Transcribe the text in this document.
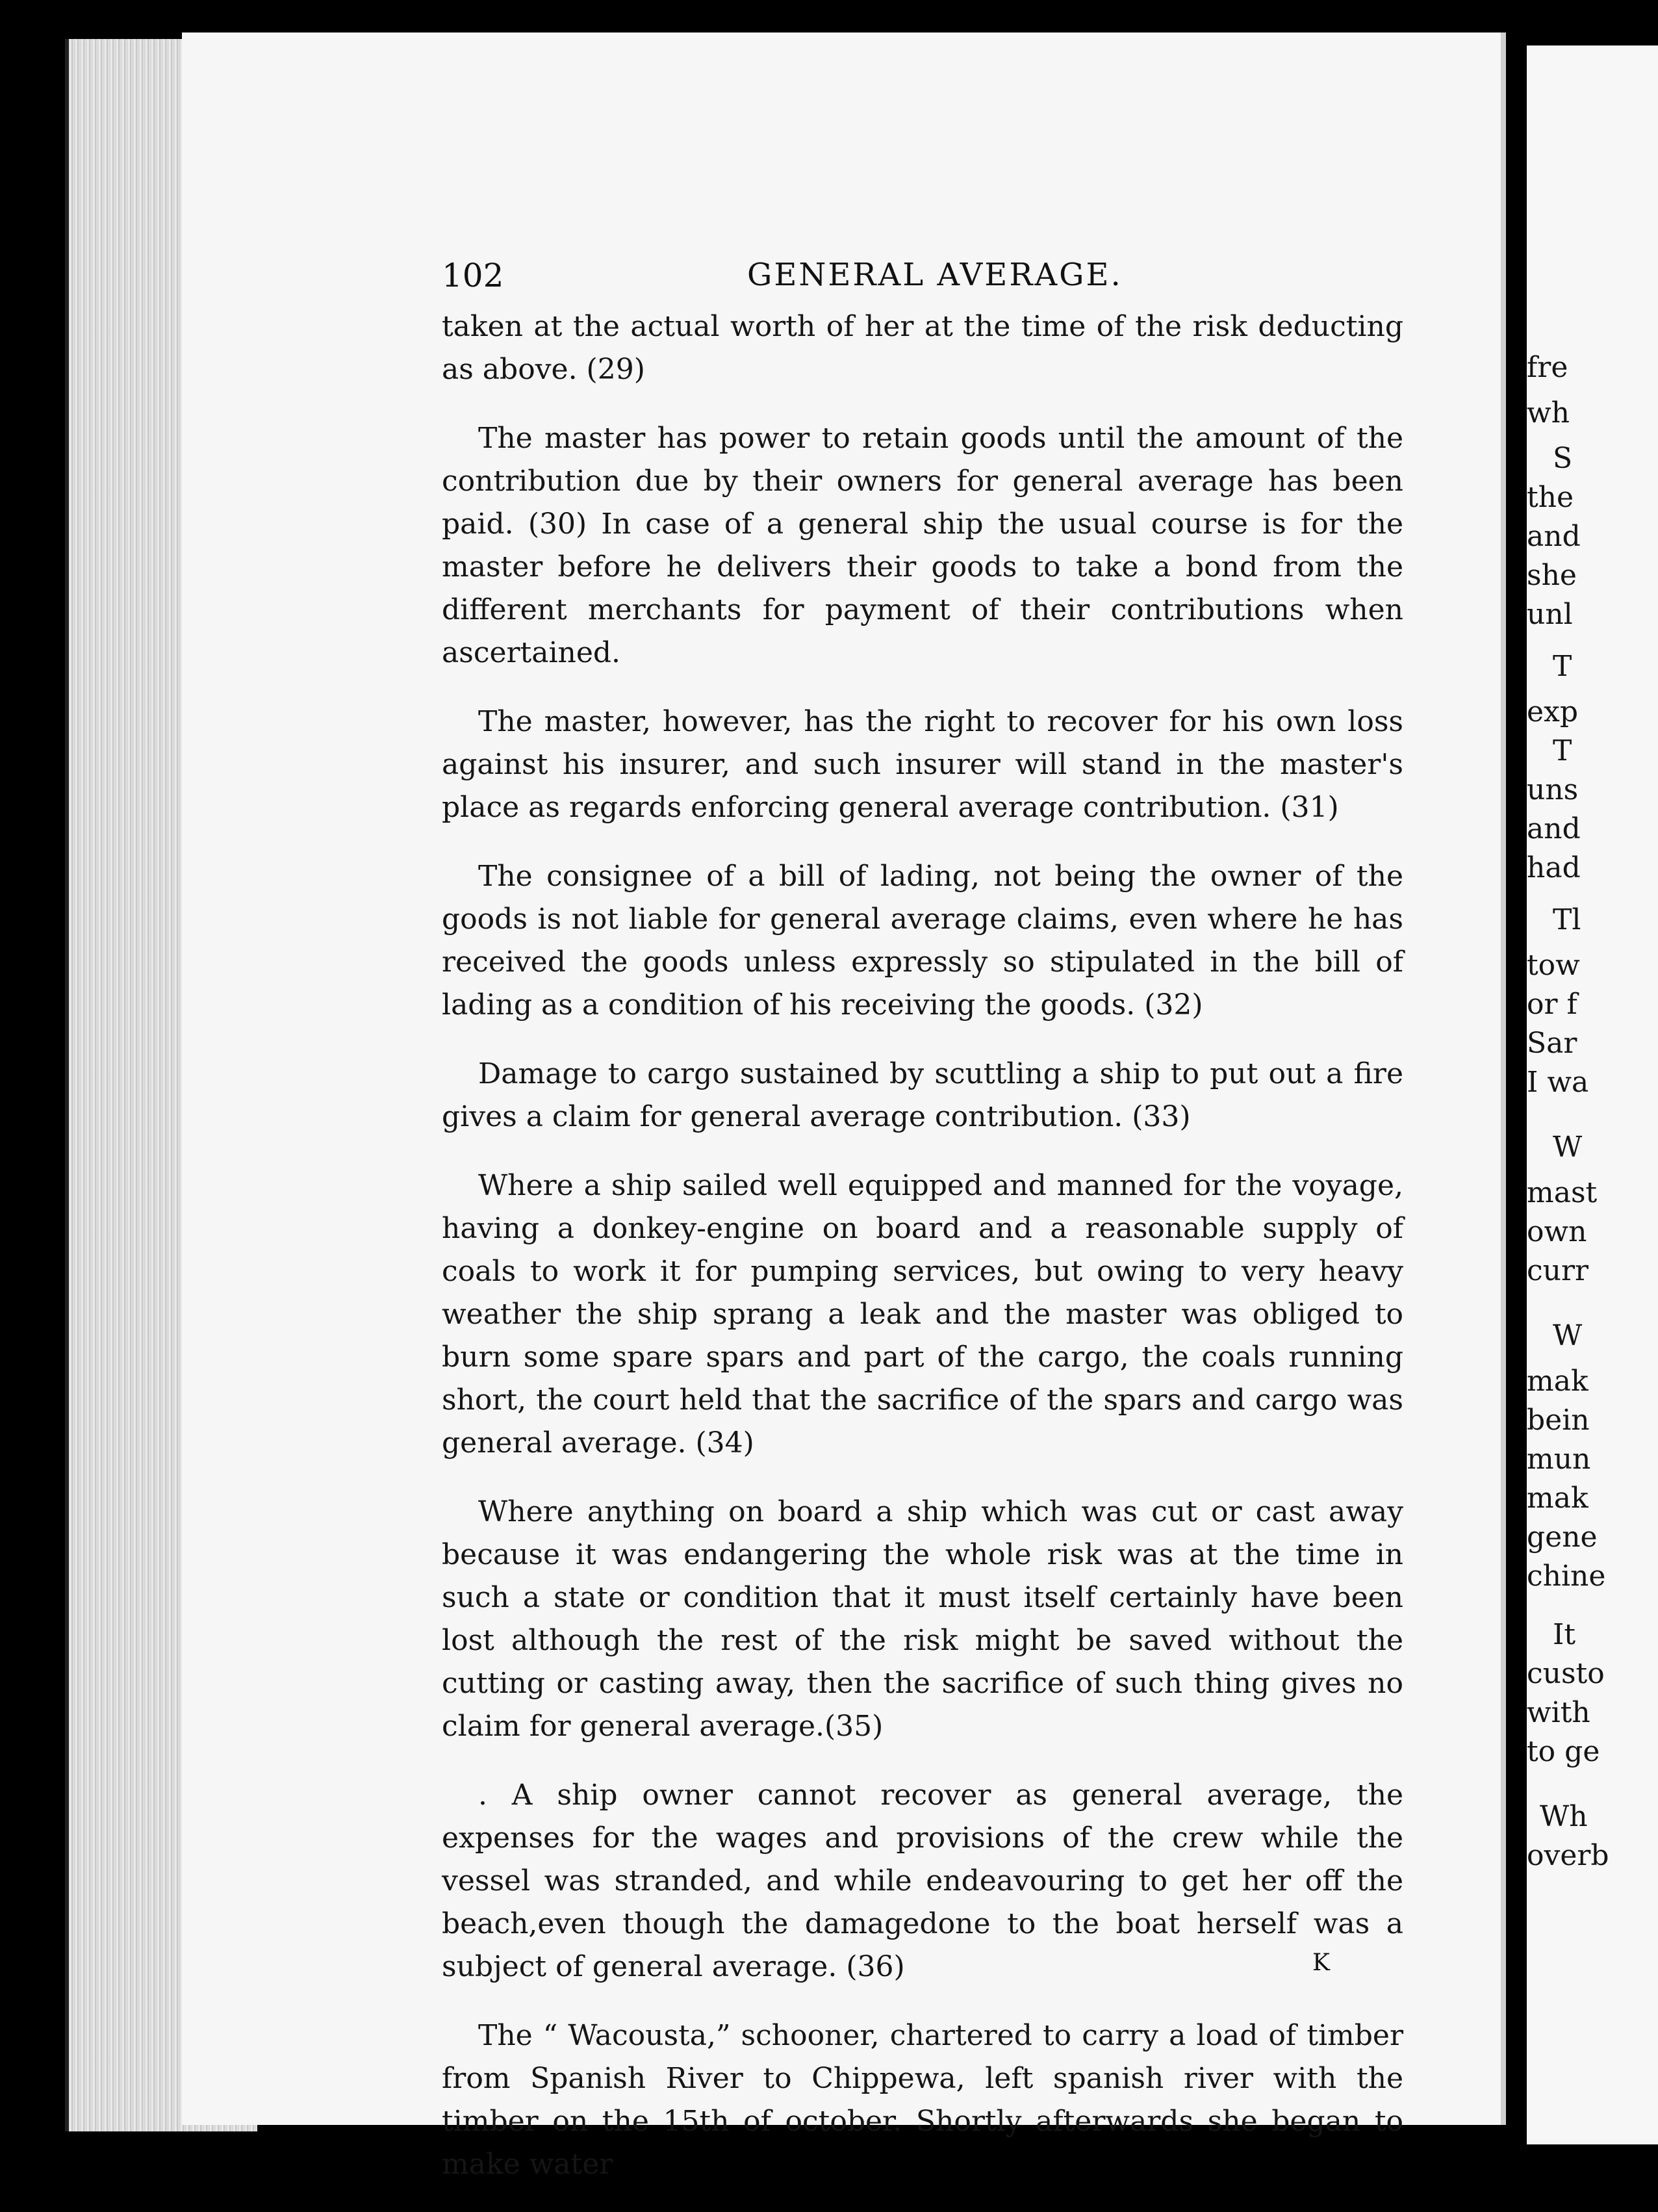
102	GENERAL AVERAGE.

taken at the actual worth of her at the time of the risk deducting as above. (29)

The master has power to retain goods until the amount of the contribution due by their owners for general average has been paid. (30) In case of a general ship the usual course is for the master before he delivers their goods to take a bond from the different merchants for payment of their contributions when ascertained.

The master, however, has the right to recover for his own loss against his insurer, and such insurer will stand in the master's place as regards enforcing general average contribution. (31)

The consignee of a bill of lading, not being the owner of the goods is not liable for general average claims, even where he has received the goods unless expressly so stipulated in the bill of lading as a condition of his receiving the goods. (32)

Damage to cargo sustained by scuttling a ship to put out a fire gives a claim for general average contribution. (33)

Where a ship sailed well equipped and manned for the voyage, having a donkey-engine on board and a reasonable supply of coals to work it for pumping services, but owing to very heavy weather the ship sprang a leak and the master was obliged to burn some spare spars and part of the cargo, the coals running short, the court held that the sacrifice of the spars and cargo was general average. (34)

Where anything on board a ship which was cut or cast away because it was endangering the whole risk was at the time in such a state or condition that it must itself certainly have been lost although the rest of the risk might be saved without the cutting or casting away, then the sacrifice of such thing gives no claim for general average.(35)

. A ship owner cannot recover as general average, the expenses for the wages and provisions of the crew while the vessel was stranded, and while endeavouring to get her off the beach,even though the damagedone to the boat herself was a subject of general average. (36)

The “ Wacousta,” schooner, chartered to carry a load of timber from Spanish River to Chippewa, left spanish river with the timber on the 15th of october. Shortly afterwards she began to make water

K
fre
wh
S
the
and
she
unl
T
exp
T
uns
and
had
Tl
tow
or f
Sar
I wa
W
mast
own
curr
W
mak
bein
mun
mak
gene
chine
It
custo
with
to ge
Wh
overb
